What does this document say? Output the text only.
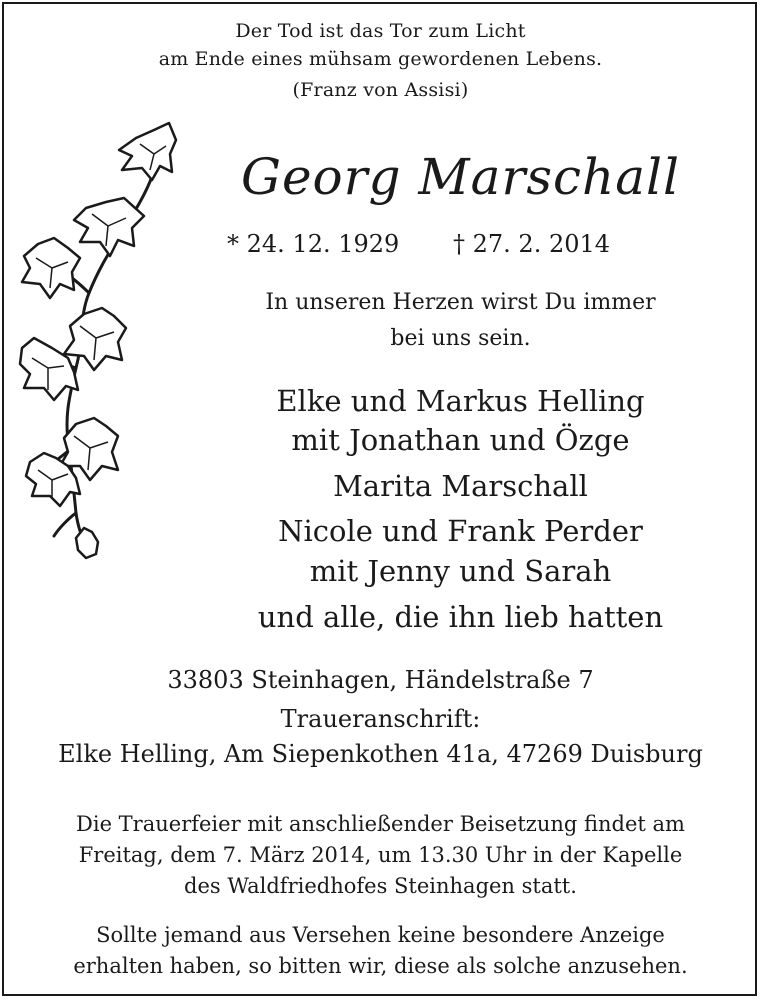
Der Tod ist das Tor zum Licht
am Ende eines mühsam gewordenen Lebens.
(Franz von Assisi)
Georg Marschall
* 24. 12. 1929 † 27. 2. 2014
In unseren Herzen wirst Du immer
bei uns sein.
Elke und Markus Helling
mit Jonathan und Özge
Marita Marschall
Nicole und Frank Perder
mit Jenny und Sarah
und alle, die ihn lieb hatten
33803 Steinhagen, Händelstraße 7
Traueranschrift:
Elke Helling, Am Siepenkothen 41a, 47269 Duisburg
Die Trauerfeier mit anschließender Beisetzung findet am
Freitag, dem 7. März 2014, um 13.30 Uhr in der Kapelle
des Waldfriedhofes Steinhagen statt.
Sollte jemand aus Versehen keine besondere Anzeige
erhalten haben, so bitten wir, diese als solche anzusehen.
